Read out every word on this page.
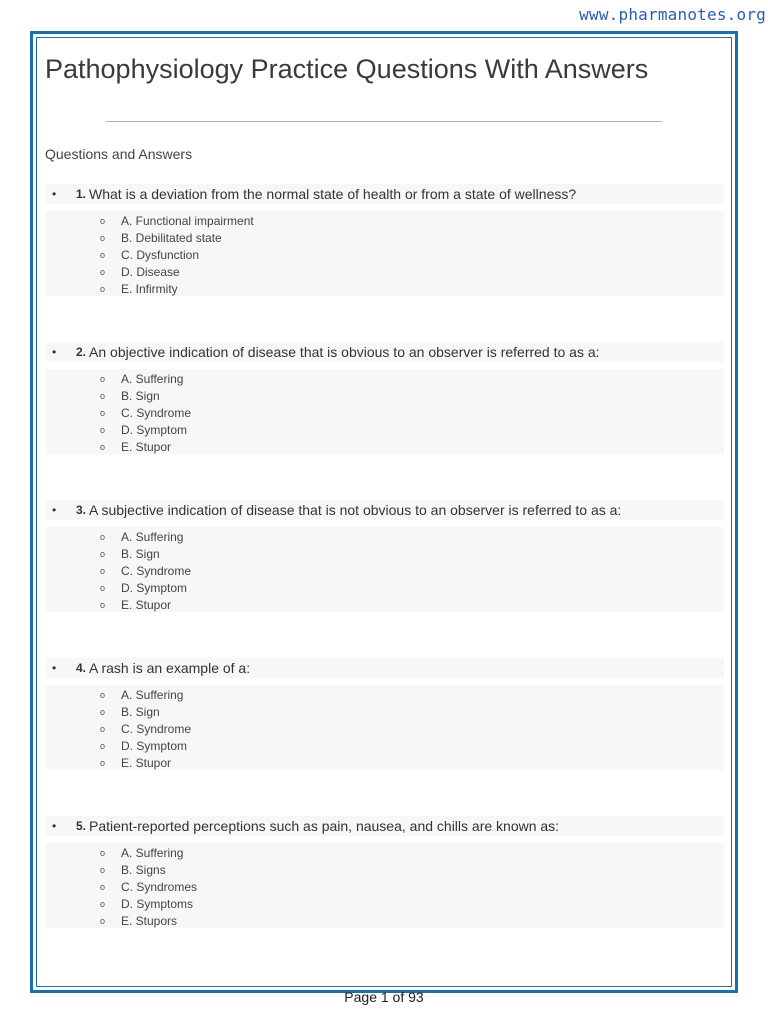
www.pharmanotes.org
Pathophysiology Practice Questions With Answers
Questions and Answers
•	1. What is a deviation from the normal state of health or from a state of wellness?
o	A. Functional impairment
o	B. Debilitated state
o	C. Dysfunction
o	D. Disease
o	E. Infirmity
•	2. An objective indication of disease that is obvious to an observer is referred to as a:
o	A. Suffering
o	B. Sign
o	C. Syndrome
o	D. Symptom
o	E. Stupor
•	3. A subjective indication of disease that is not obvious to an observer is referred to as a:
o	A. Suffering
o	B. Sign
o	C. Syndrome
o	D. Symptom
o	E. Stupor
•	4. A rash is an example of a:
o	A. Suffering
o	B. Sign
o	C. Syndrome
o	D. Symptom
o	E. Stupor
•	5. Patient-reported perceptions such as pain, nausea, and chills are known as:
o	A. Suffering
o	B. Signs
o	C. Syndromes
o	D. Symptoms
o	E. Stupors
Page 1 of 93
